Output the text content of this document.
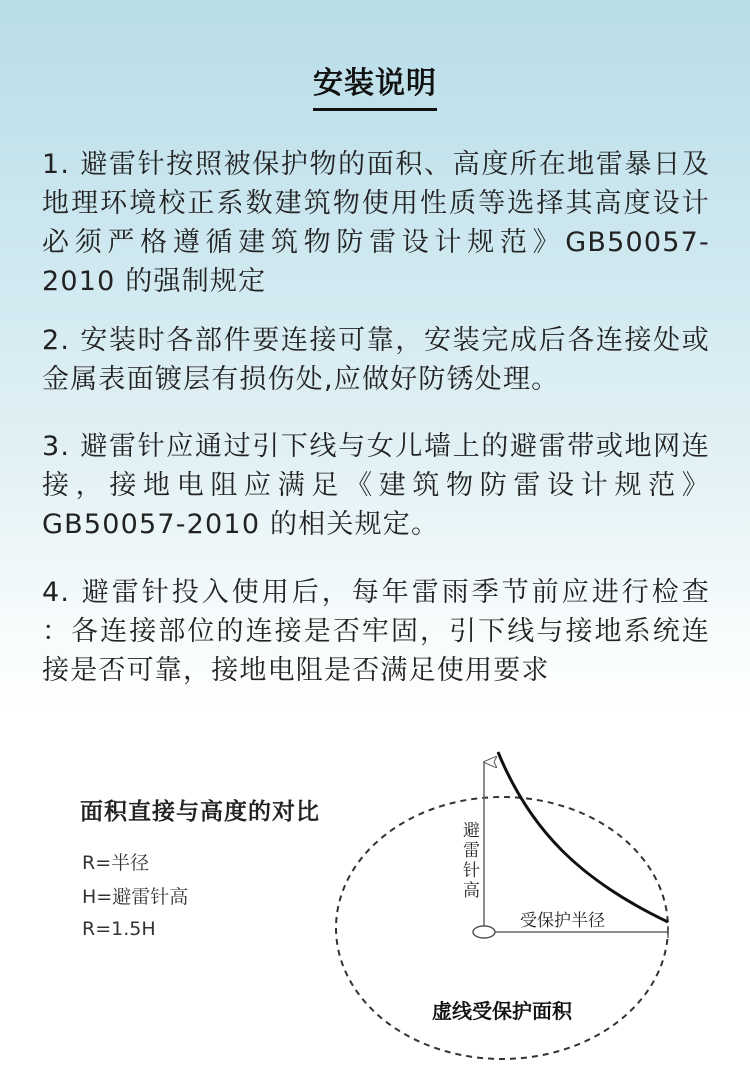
安装说明
1. 避雷针按照被保护物的面积、高度所在地雷暴日及地理环境校正系数建筑物使用性质等选择其高度设计必须严格遵循建筑物防雷设计规范》GB50057-2010 的强制规定
2. 安装时各部件要连接可靠，安装完成后各连接处或金属表面镀层有损伤处,应做好防锈处理。
3. 避雷针应通过引下线与女儿墙上的避雷带或地网连接，接地电阻应满足《建筑物防雷设计规范》GB50057-2010 的相关规定。
4. 避雷针投入使用后，每年雷雨季节前应进行检查 ：各连接部位的连接是否牢固，引下线与接地系统连接是否可靠，接地电阻是否满足使用要求
面积直接与高度的对比
R=半径
H=避雷针高
R=1.5H
避
雷
针
高
受保护半径
虚线受保护面积
